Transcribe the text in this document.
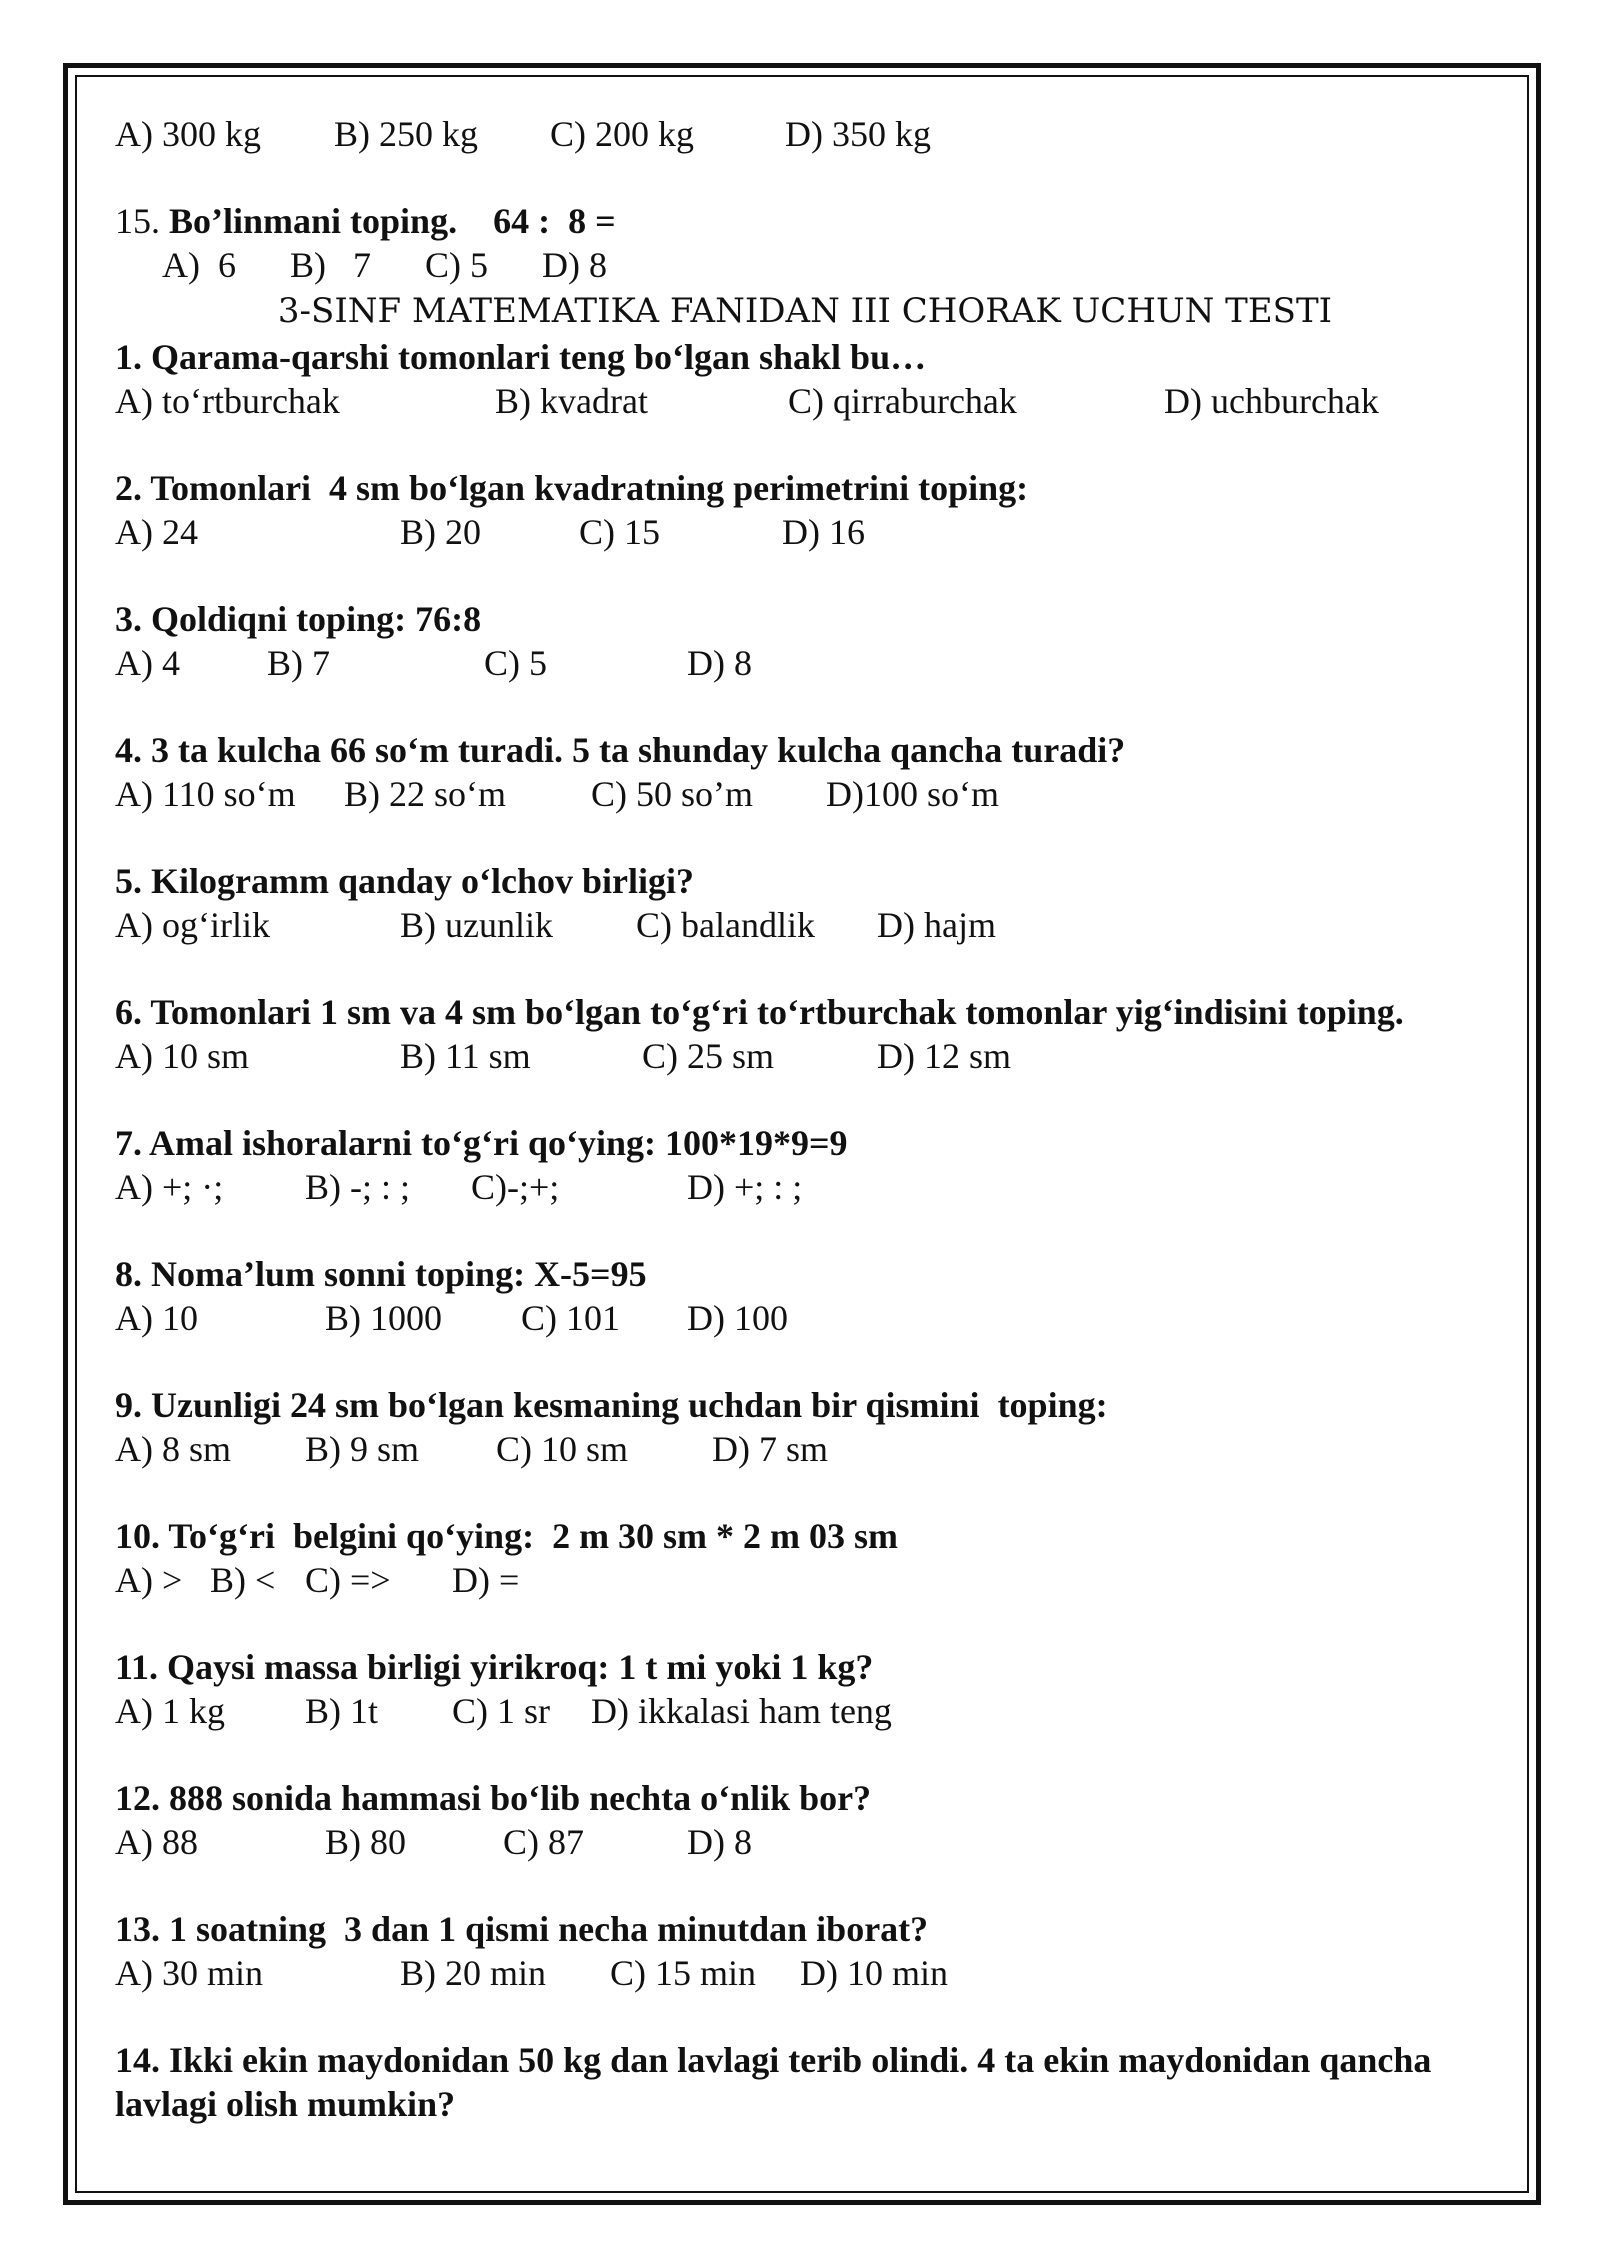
A) 300 kg

B) 250 kg

C) 200 kg

	D) 350 kg

15. Bo’linmani toping. 64 :  8 =
A)  6      B)   7      C) 5      D) 8
3-SINF MATEMATIKA FANIDAN III CHORAK UCHUN TESTI
1. Qarama-qarshi tomonlari teng bo‘lgan shakl bu…

A) to‘rtburchak

	B) kvadrat

	C) qirraburchak

	D) uchburchak

2. Tomonlari  4 sm bo‘lgan kvadratning perimetrini toping:

A) 24

	B) 20

	C) 15

	D) 16

3. Qoldiqni toping: 76:8

A) 4

B) 7

	C) 5

	D) 8

4. 3 ta kulcha 66 so‘m turadi. 5 ta shunday kulcha qancha turadi?

A) 110 so‘m

B) 22 so‘m

C) 50 so’m

D)100 so‘m

5. Kilogramm qanday o‘lchov birligi?

A) og‘irlik

	B) uzunlik

C) balandlik

D) hajm

6. Tomonlari 1 sm va 4 sm bo‘lgan to‘g‘ri to‘rtburchak tomonlar yig‘indisini toping.

A) 10 sm

	B) 11 sm

	C) 25 sm

	D) 12 sm

7. Amal ishoralarni to‘g‘ri qo‘ying: 100*19*9=9

A) +; ·;

B) -; : ;

C)-;+;

	D) +; : ;

8. Noma’lum sonni toping: X-5=95

A) 10

	B) 1000

C) 101

D) 100

9. Uzunligi 24 sm bo‘lgan kesmaning uchdan bir qismini  toping:

A) 8 sm

B) 9 sm

C) 10 sm

D) 7 sm

10. To‘g‘ri  belgini qo‘ying:  2 m 30 sm * 2 m 03 sm

A) >

B) <

C) =>

D) =

11. Qaysi massa birligi yirikroq: 1 t mi yoki 1 kg?

A) 1 kg

B) 1t

C) 1 sr

D) ikkalasi ham teng

12. 888 sonida hammasi bo‘lib nechta o‘nlik bor?

A) 88

	B) 80

	C) 87

	D) 8

13. 1 soatning  3 dan 1 qismi necha minutdan iborat?

A) 30 min

	B) 20 min

C) 15 min

D) 10 min

14. Ikki ekin maydonidan 50 kg dan lavlagi terib olindi. 4 ta ekin maydonidan qancha lavlagi olish mumkin?
